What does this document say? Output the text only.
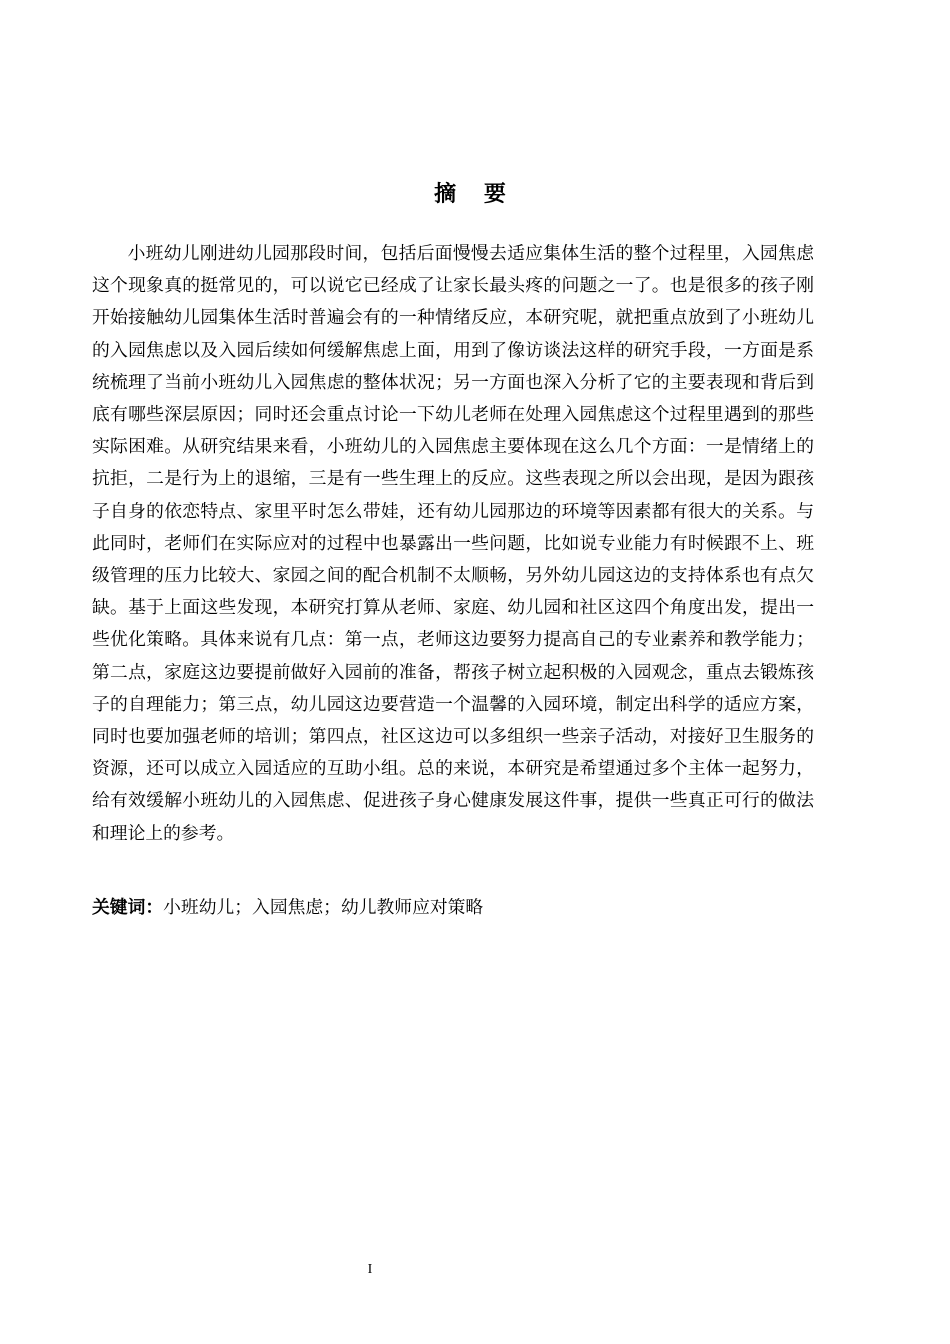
摘 要

小班幼儿刚进幼儿园那段时间，包括后面慢慢去适应集体生活的整个过程里，入园焦虑这个现象真的挺常见的，可以说它已经成了让家长最头疼的问题之一了。也是很多的孩子刚开始接触幼儿园集体生活时普遍会有的一种情绪反应，本研究呢，就把重点放到了小班幼儿的入园焦虑以及入园后续如何缓解焦虑上面，用到了像访谈法这样的研究手段，一方面是系统梳理了当前小班幼儿入园焦虑的整体状况；另一方面也深入分析了它的主要表现和背后到底有哪些深层原因；同时还会重点讨论一下幼儿老师在处理入园焦虑这个过程里遇到的那些实际困难。从研究结果来看，小班幼儿的入园焦虑主要体现在这么几个方面：一是情绪上的抗拒，二是行为上的退缩，三是有一些生理上的反应。这些表现之所以会出现，是因为跟孩子自身的依恋特点、家里平时怎么带娃，还有幼儿园那边的环境等因素都有很大的关系。与此同时，老师们在实际应对的过程中也暴露出一些问题，比如说专业能力有时候跟不上、班级管理的压力比较大、家园之间的配合机制不太顺畅，另外幼儿园这边的支持体系也有点欠缺。基于上面这些发现，本研究打算从老师、家庭、幼儿园和社区这四个角度出发，提出一些优化策略。具体来说有几点：第一点，老师这边要努力提高自己的专业素养和教学能力；第二点，家庭这边要提前做好入园前的准备，帮孩子树立起积极的入园观念，重点去锻炼孩子的自理能力；第三点，幼儿园这边要营造一个温馨的入园环境，制定出科学的适应方案，同时也要加强老师的培训；第四点，社区这边可以多组织一些亲子活动，对接好卫生服务的资源，还可以成立入园适应的互助小组。总的来说，本研究是希望通过多个主体一起努力，给有效缓解小班幼儿的入园焦虑、促进孩子身心健康发展这件事，提供一些真正可行的做法和理论上的参考。

关键词：小班幼儿；入园焦虑；幼儿教师应对策略
I
